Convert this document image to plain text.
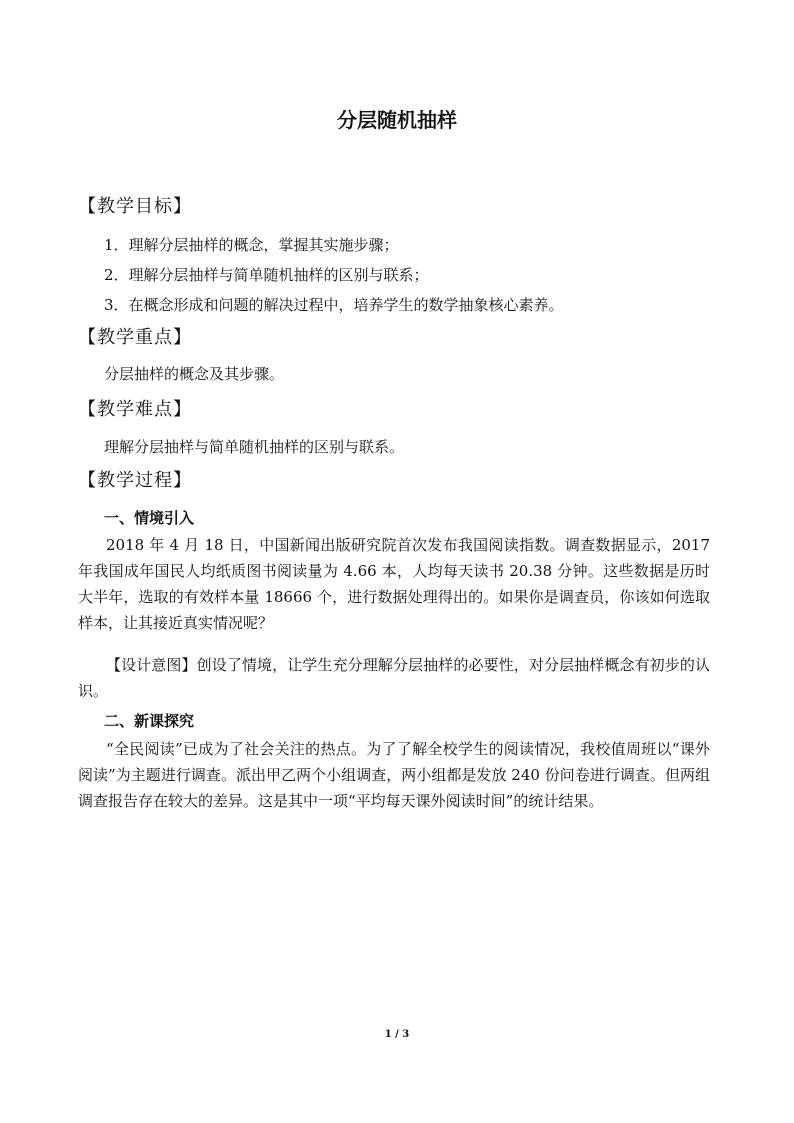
分层随机抽样
【教学目标】
1．理解分层抽样的概念，掌握其实施步骤；
2．理解分层抽样与简单随机抽样的区别与联系；
3．在概念形成和问题的解决过程中，培养学生的数学抽象核心素养。
【教学重点】
分层抽样的概念及其步骤。
【教学难点】
理解分层抽样与简单随机抽样的区别与联系。
【教学过程】
一、情境引入
2018 年 4 月 18 日，中国新闻出版研究院首次发布我国阅读指数。调查数据显示，2017 年我国成年国民人均纸质图书阅读量为 4.66 本，人均每天读书 20.38 分钟。这些数据是历时大半年，选取的有效样本量 18666 个，进行数据处理得出的。如果你是调查员，你该如何选取样本，让其接近真实情况呢？
【设计意图】创设了情境，让学生充分理解分层抽样的必要性，对分层抽样概念有初步的认识。
二、新课探究
“全民阅读”已成为了社会关注的热点。为了了解全校学生的阅读情况，我校值周班以“课外阅读”为主题进行调查。派出甲乙两个小组调查，两小组都是发放 240 份问卷进行调查。但两组调查报告存在较大的差异。这是其中一项“平均每天课外阅读时间”的统计结果。
1 / 3
